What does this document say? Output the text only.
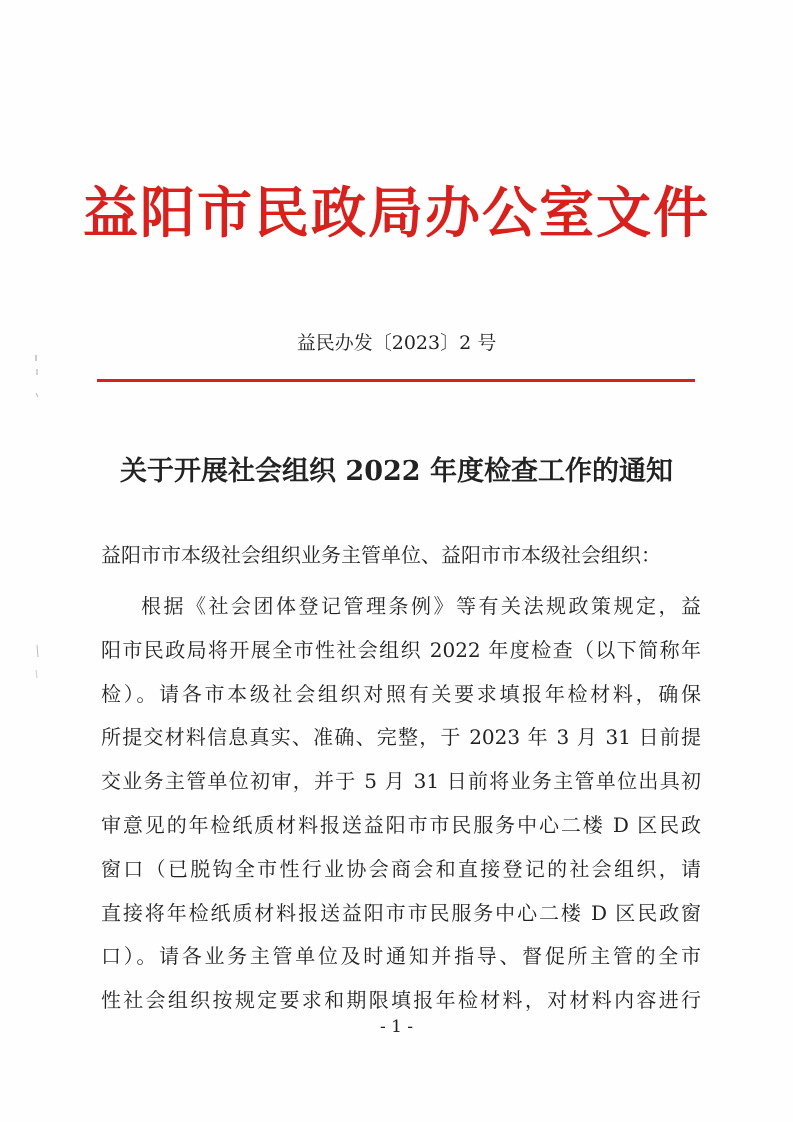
益阳市民政局办公室文件
益民办发〔2023〕2 号
关于开展社会组织 2022 年度检查工作的通知

益阳市市本级社会组织业务主管单位、益阳市市本级社会组织：

根据《社会团体登记管理条例》等有关法规政策规定，益
阳市民政局将开展全市性社会组织 2022 年度检查（以下简称年
检）。请各市本级社会组织对照有关要求填报年检材料，确保
所提交材料信息真实、准确、完整，于 2023 年 3 月 31 日前提
交业务主管单位初审，并于 5 月 31 日前将业务主管单位出具初
审意见的年检纸质材料报送益阳市市民服务中心二楼 D 区民政
窗口（已脱钩全市性行业协会商会和直接登记的社会组织，请
直接将年检纸质材料报送益阳市市民服务中心二楼 D 区民政窗
口）。请各业务主管单位及时通知并指导、督促所主管的全市
性社会组织按规定要求和期限填报年检材料，对材料内容进行
- 1 -
